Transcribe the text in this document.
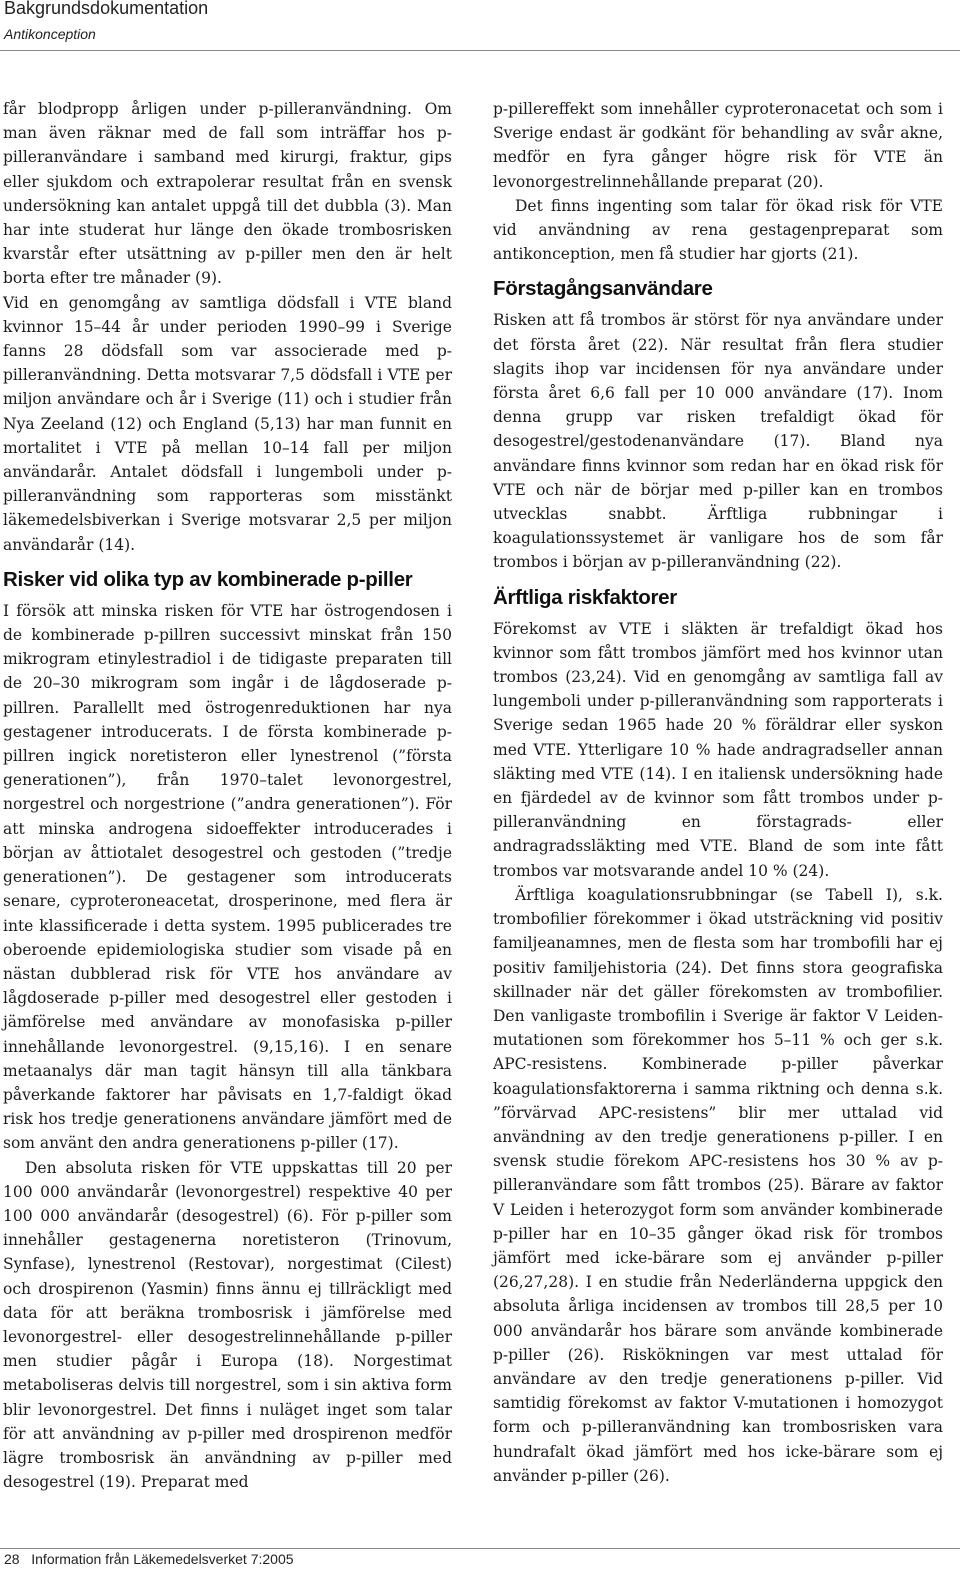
Bakgrundsdokumentation
Antikonception

får blodpropp årligen under p-pilleranvändning. Om man även räknar med de fall som inträffar hos p-pilleranvändare i samband med kirurgi, fraktur, gips eller sjukdom och extrapolerar resultat från en svensk undersökning kan antalet uppgå till det dubbla (3). Man har inte studerat hur länge den ökade trombosrisken kvarstår efter utsättning av p-piller men den är helt borta efter tre månader (9).

Vid en genomgång av samtliga dödsfall i VTE bland kvinnor 15–44 år under perioden 1990–99 i Sverige fanns 28 dödsfall som var associerade med p-pilleranvändning. Detta motsvarar 7,5 dödsfall i VTE per miljon användare och år i Sverige (11) och i studier från Nya Zeeland (12) och England (5,13) har man funnit en mortalitet i VTE på mellan 10–14 fall per miljon användarår. Antalet dödsfall i lungemboli under p-pilleranvändning som rapporteras som misstänkt läkemedelsbiverkan i Sverige motsvarar 2,5 per miljon användarår (14).

Risker vid olika typ av kombinerade p-piller

I försök att minska risken för VTE har östrogendosen i de kombinerade p-pillren successivt minskat från 150 mikrogram etinylestradiol i de tidigaste preparaten till de 20–30 mikrogram som ingår i de lågdoserade p-pillren. Parallellt med östrogenreduktionen har nya gestagener introducerats. I de första kombinerade p-pillren ingick noretisteron eller lynestrenol (”första generationen”), från 1970–talet levonorgestrel, norgestrel och norgestrione (”andra generationen”). För att minska androgena sidoeffekter introducerades i början av åttiotalet desogestrel och gestoden (”tredje generationen”). De gestagener som introducerats senare, cyproteroneacetat, drosperinone, med flera är inte klassificerade i detta system. 1995 publicerades tre oberoende epidemiologiska studier som visade på en nästan dubblerad risk för VTE hos användare av lågdoserade p-piller med desogestrel eller gestoden i jämförelse med användare av monofasiska p-piller innehållande levonorgestrel. (9,15,16). I en senare metaanalys där man tagit hänsyn till alla tänkbara påverkande faktorer har påvisats en 1,7-faldigt ökad risk hos tredje generationens användare jämfört med de som använt den andra generationens p-piller (17).

Den absoluta risken för VTE uppskattas till 20 per 100 000 användarår (levonorgestrel) respektive 40 per 100 000 användarår (desogestrel) (6). För p-piller som innehåller gestagenerna noretisteron (Trinovum, Synfase), lynestrenol (Restovar), norgestimat (Cilest) och drospirenon (Yasmin) finns ännu ej tillräckligt med data för att beräkna trombosrisk i jämförelse med levonorgestrel- eller desogestrelinnehållande p-piller men studier pågår i Europa (18). Norgestimat metaboliseras delvis till norgestrel, som i sin aktiva form blir levonorgestrel. Det finns i nuläget inget som talar för att användning av p-piller med drospirenon medför lägre trombosrisk än användning av p-piller med desogestrel (19). Preparat med

p-pillereffekt som innehåller cyproteronacetat och som i Sverige endast är godkänt för behandling av svår akne, medför en fyra gånger högre risk för VTE än levonorgestrelinnehållande preparat (20).

Det finns ingenting som talar för ökad risk för VTE vid användning av rena gestagenpreparat som antikonception, men få studier har gjorts (21).

Förstagångsanvändare

Risken att få trombos är störst för nya användare under det första året (22). När resultat från flera studier slagits ihop var incidensen för nya användare under första året 6,6 fall per 10 000 användare (17). Inom denna grupp var risken trefaldigt ökad för desogestrel/gestodenanvändare (17). Bland nya användare finns kvinnor som redan har en ökad risk för VTE och när de börjar med p-piller kan en trombos utvecklas snabbt. Ärftliga rubbningar i koagulationssystemet är vanligare hos de som får trombos i början av p-pilleranvändning (22).

Ärftliga riskfaktorer

Förekomst av VTE i släkten är trefaldigt ökad hos kvinnor som fått trombos jämfört med hos kvinnor utan trombos (23,24). Vid en genomgång av samtliga fall av lungemboli under p-pilleranvändning som rapporterats i Sverige sedan 1965 hade 20 % föräldrar eller syskon med VTE. Ytterligare 10 % hade andragradseller annan släkting med VTE (14). I en italiensk undersökning hade en fjärdedel av de kvinnor som fått trombos under p-pilleranvändning en förstagrads- eller andragradssläkting med VTE. Bland de som inte fått trombos var motsvarande andel 10 % (24).

Ärftliga koagulationsrubbningar (se Tabell I), s.k. trombofilier förekommer i ökad utsträckning vid positiv familjeanamnes, men de flesta som har trombofili har ej positiv familjehistoria (24). Det finns stora geografiska skillnader när det gäller förekomsten av trombofilier. Den vanligaste trombofilin i Sverige är faktor V Leiden-mutationen som förekommer hos 5–11 % och ger s.k. APC-resistens. Kombinerade p-piller påverkar koagulationsfaktorerna i samma riktning och denna s.k. ”förvärvad APC-resistens” blir mer uttalad vid användning av den tredje generationens p-piller. I en svensk studie förekom APC-resistens hos 30 % av p-pilleranvändare som fått trombos (25). Bärare av faktor V Leiden i heterozygot form som använder kombinerade p-piller har en 10–35 gånger ökad risk för trombos jämfört med icke-bärare som ej använder p-piller (26,27,28). I en studie från Nederländerna uppgick den absoluta årliga incidensen av trombos till 28,5 per 10 000 användarår hos bärare som använde kombinerade p-piller (26). Riskökningen var mest uttalad för användare av den tredje generationens p-piller. Vid samtidig förekomst av faktor V-mutationen i homozygot form och p-pilleranvändning kan trombosrisken vara hundrafalt ökad jämfört med hos icke-bärare som ej använder p-piller (26).

28 Information från Läkemedelsverket 7:2005
